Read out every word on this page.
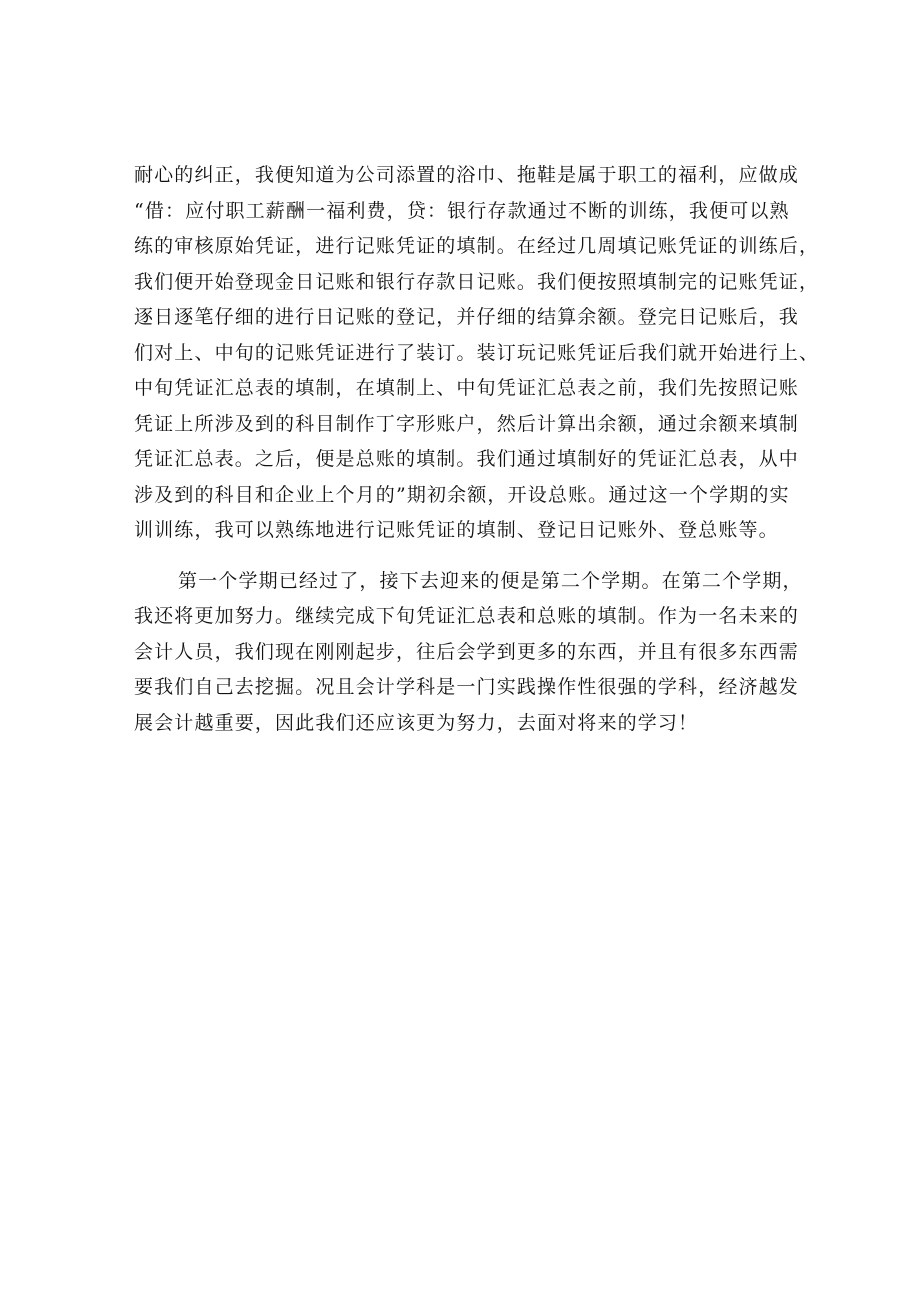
耐心的纠正，我便知道为公司添置的浴巾、拖鞋是属于职工的福利，应做成
“借：应付职工薪酬一福利费，贷：银行存款通过不断的训练，我便可以熟
练的审核原始凭证，进行记账凭证的填制。在经过几周填记账凭证的训练后，
我们便开始登现金日记账和银行存款日记账。我们便按照填制完的记账凭证，
逐日逐笔仔细的进行日记账的登记，并仔细的结算余额。登完日记账后，我
们对上、中旬的记账凭证进行了装订。装订玩记账凭证后我们就开始进行上、
中旬凭证汇总表的填制，在填制上、中旬凭证汇总表之前，我们先按照记账
凭证上所涉及到的科目制作丁字形账户，然后计算出余额，通过余额来填制
凭证汇总表。之后，便是总账的填制。我们通过填制好的凭证汇总表，从中
涉及到的科目和企业上个月的”期初余额，开设总账。通过这一个学期的实
训训练，我可以熟练地进行记账凭证的填制、登记日记账外、登总账等。
第一个学期已经过了，接下去迎来的便是第二个学期。在第二个学期，
我还将更加努力。继续完成下旬凭证汇总表和总账的填制。作为一名未来的
会计人员，我们现在刚刚起步，往后会学到更多的东西，并且有很多东西需
要我们自己去挖掘。况且会计学科是一门实践操作性很强的学科，经济越发
展会计越重要，因此我们还应该更为努力，去面对将来的学习！
